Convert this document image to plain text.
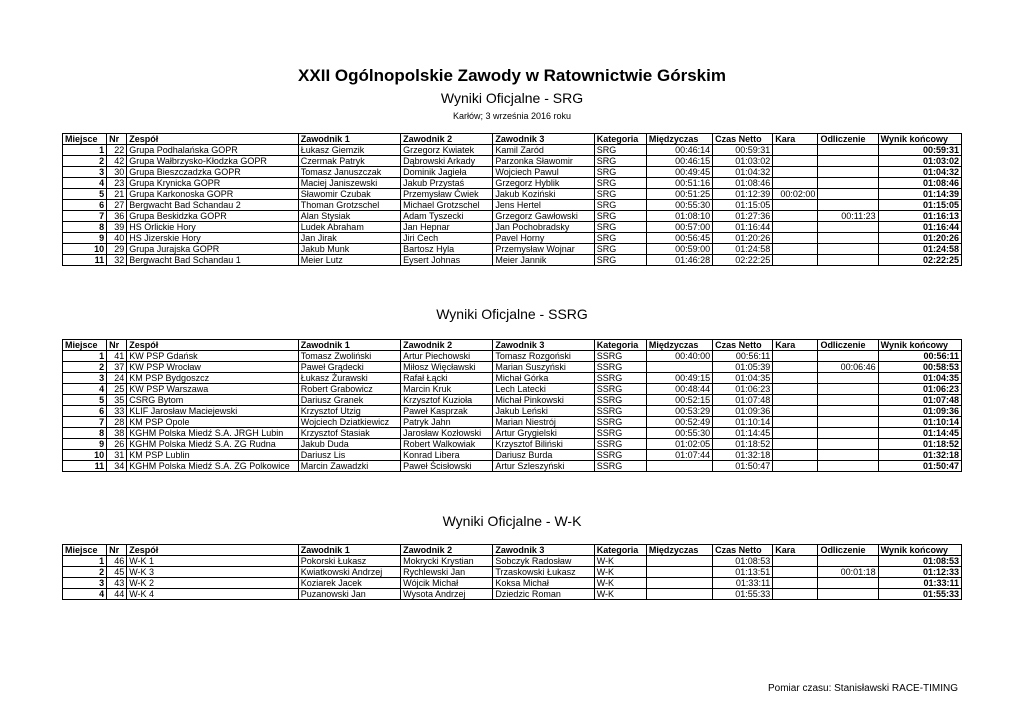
XXII Ogólnopolskie Zawody w Ratownictwie Górskim
Wyniki Oficjalne - SRG
Karłów; 3 września 2016 roku
Wyniki Oficjalne - SSRG
Wyniki Oficjalne - W-K
Miejsce	Nr	Zespół	Zawodnik 1	Zawodnik 2	Zawodnik 3	Kategoria	Międzyczas	Czas Netto	Kara	Odliczenie	Wynik końcowy
1	22	Grupa Podhalańska GOPR	Łukasz Giemzik	Grzegorz Kwiatek	Kamil Zaród	SRG	00:46:14	00:59:31			00:59:31
2	42	Grupa Wałbrzysko-Kłodzka GOPR	Czermak Patryk	Dąbrowski Arkady	Parzonka Sławomir	SRG	00:46:15	01:03:02			01:03:02
3	30	Grupa Bieszczadzka GOPR	Tomasz Januszczak	Dominik Jagieła	Wojciech Pawul	SRG	00:49:45	01:04:32			01:04:32
4	23	Grupa Krynicka GOPR	Maciej Janiszewski	Jakub Przystaś	Grzegorz Hyblik	SRG	00:51:16	01:08:46			01:08:46
5	21	Grupa Karkonoska GOPR	Sławomir Czubak	Przemysław Ćwiek	Jakub Koziński	SRG	00:51:25	01:12:39	00:02:00		01:14:39
6	27	Bergwacht Bad Schandau 2	Thoman Grotzschel	Michael Grotzschel	Jens Hertel	SRG	00:55:30	01:15:05			01:15:05
7	36	Grupa Beskidzka GOPR	Alan Stysiak	Adam Tyszecki	Grzegorz Gawłowski	SRG	01:08:10	01:27:36		00:11:23	01:16:13
8	39	HS Orlickie Hory	Ludek Abraham	Jan Hepnar	Jan Pochobradsky	SRG	00:57:00	01:16:44			01:16:44
9	40	HS Jizerskie Hory	Jan Jirak	Jiri Cech	Pavel Horny	SRG	00:56:45	01:20:26			01:20:26
10	29	Grupa Jurajska GOPR	Jakub Munk	Bartosz Hyla	Przemysław Wojnar	SRG	00:59:00	01:24:58			01:24:58
11	32	Bergwacht Bad Schandau 1	Meier Lutz	Eysert Johnas	Meier Jannik	SRG	01:46:28	02:22:25			02:22:25
Miejsce	Nr	Zespół	Zawodnik 1	Zawodnik 2	Zawodnik 3	Kategoria	Międzyczas	Czas Netto	Kara	Odliczenie	Wynik końcowy
1	41	KW PSP Gdańsk	Tomasz Zwoliński	Artur Piechowski	Tomasz Rozgoński	SSRG	00:40:00	00:56:11			00:56:11
2	37	KW PSP Wrocław	Paweł Grądecki	Miłosz Więcławski	Marian Suszyński	SSRG		01:05:39		00:06:46	00:58:53
3	24	KM PSP Bydgoszcz	Łukasz Żurawski	Rafał Łącki	Michał Górka	SSRG	00:49:15	01:04:35			01:04:35
4	25	KW PSP Warszawa	Robert Grabowicz	Marcin Kruk	Lech Latecki	SSRG	00:48:44	01:06:23			01:06:23
5	35	CSRG Bytom	Dariusz Granek	Krzysztof Kuzioła	Michał Pinkowski	SSRG	00:52:15	01:07:48			01:07:48
6	33	KLIF Jarosław Maciejewski	Krzysztof Utzig	Paweł Kasprzak	Jakub Leński	SSRG	00:53:29	01:09:36			01:09:36
7	28	KM PSP Opole	Wojciech Dziatkiewicz	Patryk Jahn	Marian Niestrój	SSRG	00:52:49	01:10:14			01:10:14
8	38	KGHM Polska Miedź S.A. JRGH Lubin	Krzysztof Stasiak	Jarosław Kozłowski	Artur Grygielski	SSRG	00:55:30	01:14:45			01:14:45
9	26	KGHM Polska Miedź S.A. ZG Rudna	Jakub Duda	Robert Walkowiak	Krzysztof Biliński	SSRG	01:02:05	01:18:52			01:18:52
10	31	KM PSP Lublin	Dariusz Lis	Konrad Libera	Dariusz Burda	SSRG	01:07:44	01:32:18			01:32:18
11	34	KGHM Polska Miedź S.A. ZG Polkowice	Marcin Zawadzki	Paweł Ścisłowski	Artur Szleszyński	SSRG		01:50:47			01:50:47
Miejsce	Nr	Zespół	Zawodnik 1	Zawodnik 2	Zawodnik 3	Kategoria	Międzyczas	Czas Netto	Kara	Odliczenie	Wynik końcowy
1	46	W-K 1	Pokorski Łukasz	Mokrycki Krystian	Sobczyk Radosław	W-K		01:08:53			01:08:53
2	45	W-K 3	Kwiatkowski Andrzej	Rychlewski Jan	Trzaskowski Łukasz	W-K		01:13:51		00:01:18	01:12:33
3	43	W-K 2	Koziarek Jacek	Wójcik Michał	Koksa Michał	W-K		01:33:11			01:33:11
4	44	W-K 4	Puzanowski Jan	Wysota Andrzej	Dziedzic Roman	W-K		01:55:33			01:55:33
Pomiar czasu: Stanisławski RACE-TIMING
